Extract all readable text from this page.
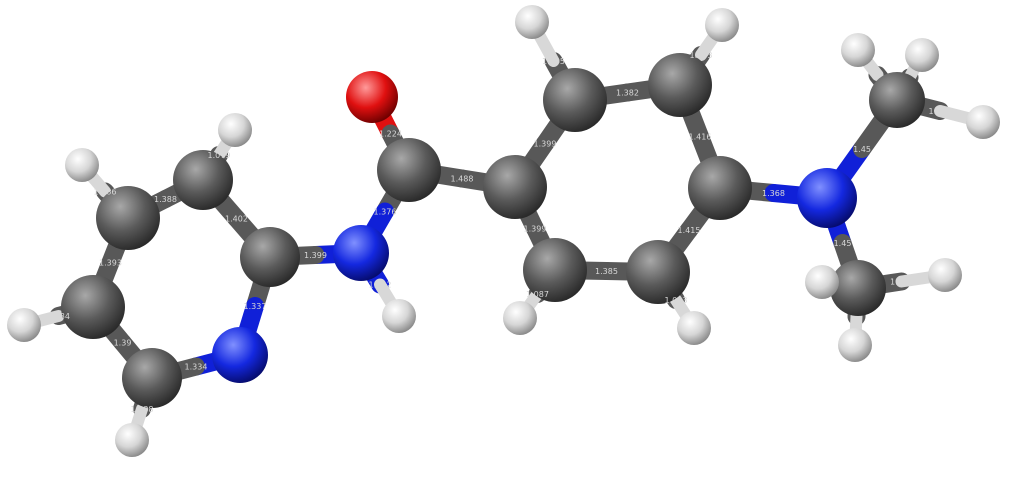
1.224
1.488
1.376
1.012
1.399
1.337
1.334
1.39
1.393
1.388
1.402
1.079
1.086
1.084
1.088
1.399
1.382
1.416
1.415
1.385
1.399
1.085
1.083
1.083
1.087
1.368
1.45
1.45
1.088
1.089
